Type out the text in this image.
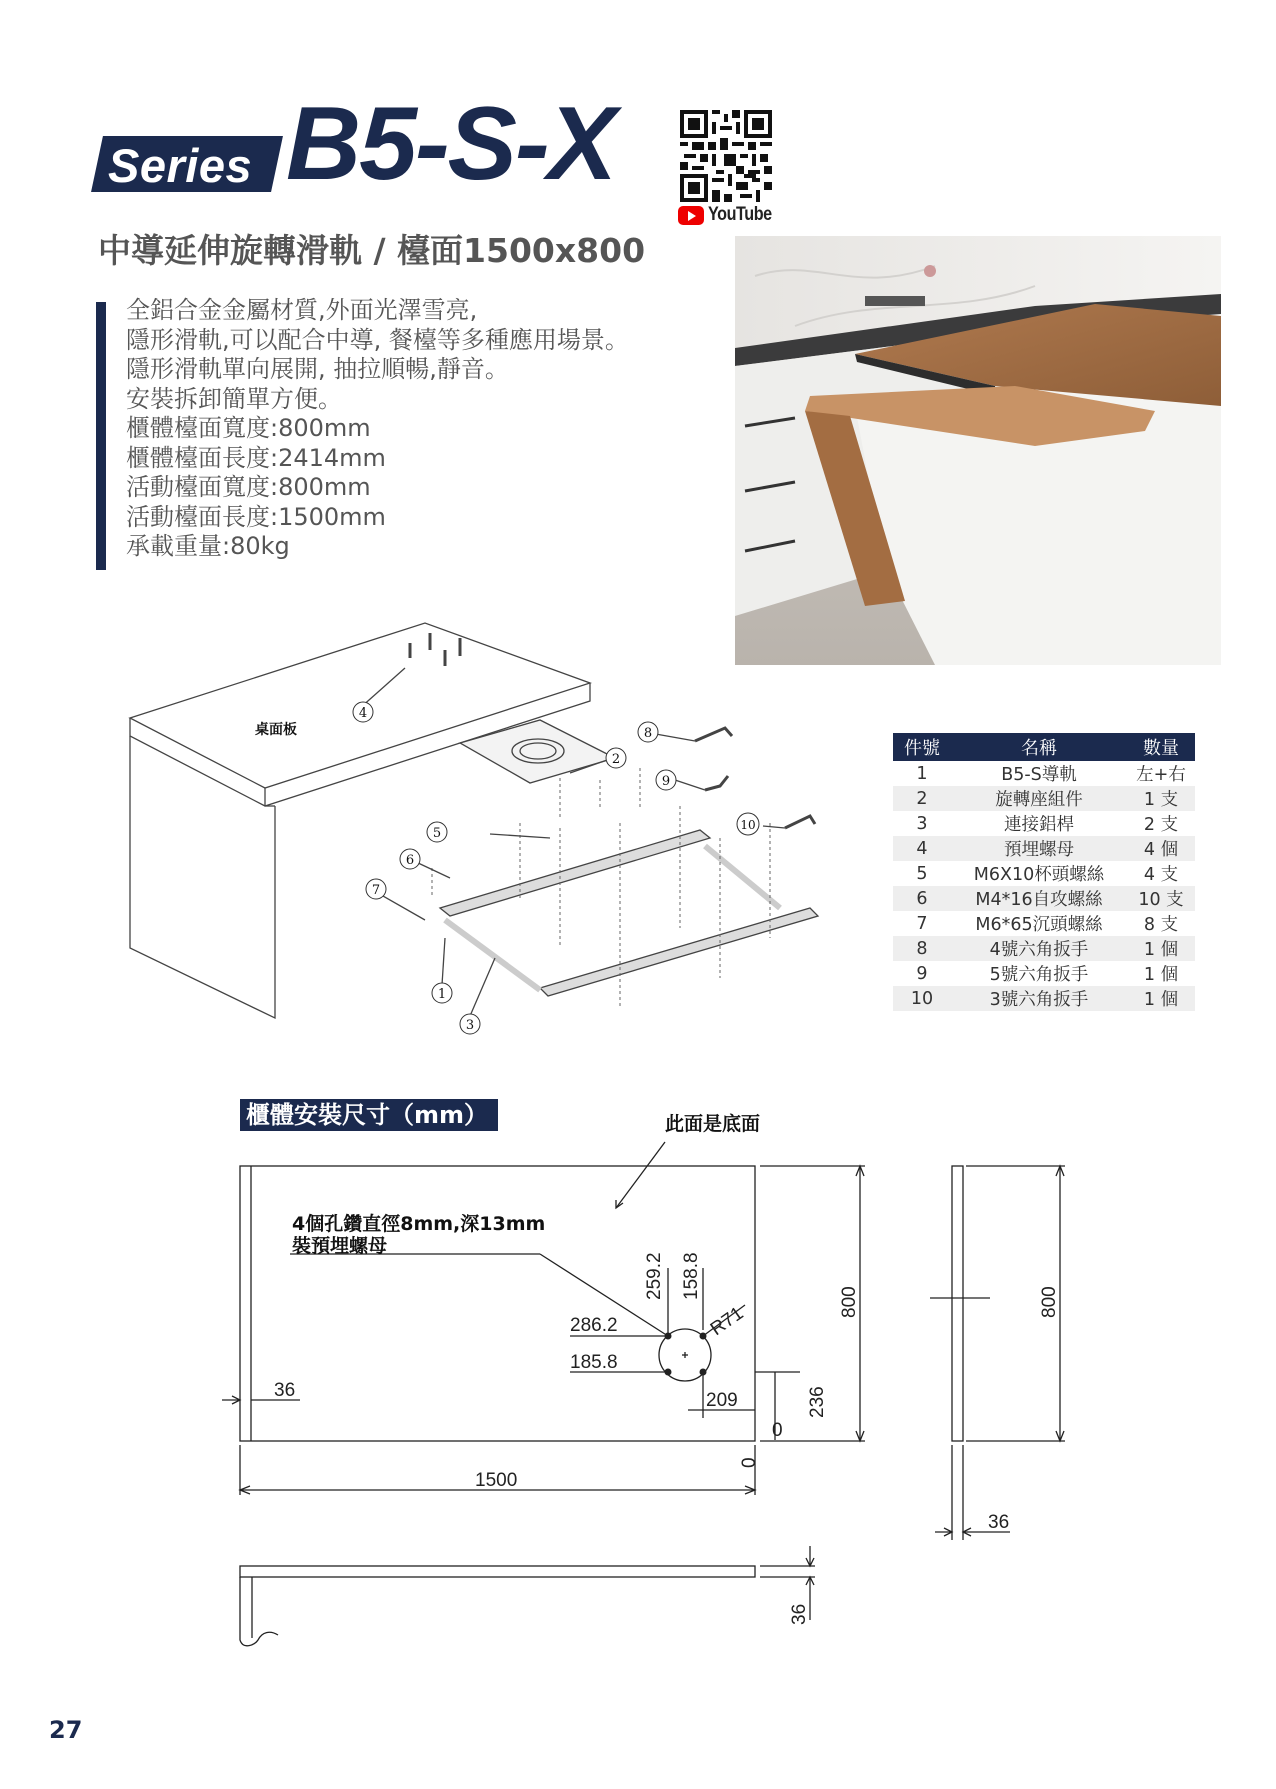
Series B5-S-X
YouTube
中導延伸旋轉滑軌 / 檯面1500x800
全鋁合金金屬材質,外面光澤雪亮,
隱形滑軌,可以配合中導, 餐檯等多種應用場景。
隱形滑軌單向展開, 抽拉順暢,靜音。
安裝拆卸簡單方便。
櫃體檯面寬度:800mm
櫃體檯面長度:2414mm
活動檯面寬度:800mm
活動檯面長度:1500mm
承載重量:80kg
桌面板
1
2
3
4
5
6
7
8
9
10
件號	名稱	數量
1	B5-S導軌	左+右
2	旋轉座組件	1 支
3	連接鋁桿	2 支
4	預埋螺母	4 個
5	M6X10杯頭螺絲	4 支
6	M4*16自攻螺絲	10 支
7	M6*65沉頭螺絲	8 支
8	4號六角扳手	1 個
9	5號六角扳手	1 個
10	3號六角扳手	1 個
此面是底面
4個孔鑽直徑8mm,深13mm
裝預埋螺母
259.2 158.8
R71
286.2
185.8
36	209	236
0
0
1500
800	800
36
36
櫃體安裝尺寸（mm）
27
